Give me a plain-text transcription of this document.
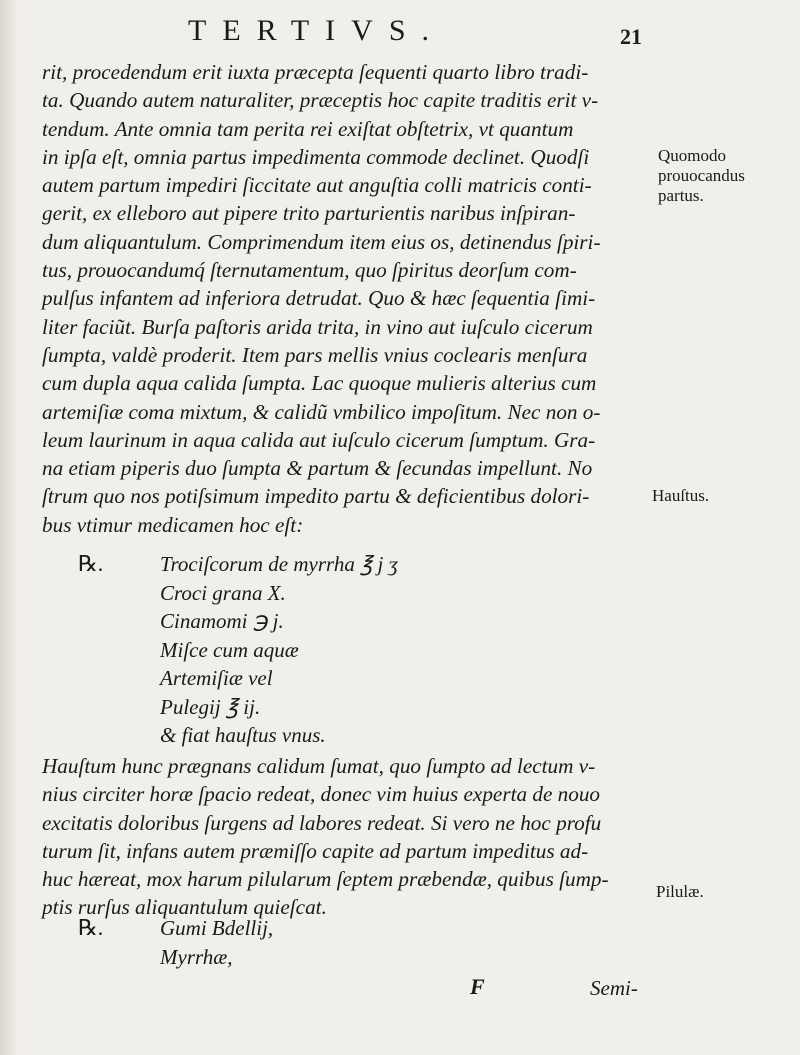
TERTIVS.	21
rit, procedendum erit iuxta præcepta ſequenti quarto libro tradi-
ta. Quando autem naturaliter, præceptis hoc capite traditis erit v-
tendum. Ante omnia tam perita rei exiſtat obſtetrix, vt quantum
in ipſa eſt, omnia partus impedimenta commode declinet. Quodſi
autem partum impediri ſiccitate aut anguſtia colli matricis conti-
gerit, ex elleboro aut pipere trito parturientis naribus inſpiran-
dum aliquantulum. Comprimendum item eius os, detinendus ſpiri-
tus, prouocandumq́ ſternutamentum, quo ſpiritus deorſum com-
pulſus infantem ad inferiora detrudat. Quo & hæc ſequentia ſimi-
liter faciũt. Burſa paſtoris arida trita, in vino aut iuſculo cicerum
ſumpta, valdè proderit. Item pars mellis vnius coclearis menſura
cum dupla aqua calida ſumpta. Lac quoque mulieris alterius cum
artemiſiæ coma mixtum, & calidũ vmbilico impoſitum. Nec non o-
leum laurinum in aqua calida aut iuſculo cicerum ſumptum. Gra-
na etiam piperis duo ſumpta & partum & ſecundas impellunt. No
ſtrum quo nos potiſsimum impedito partu & deficientibus dolori-
bus vtimur medicamen hoc eſt:
℞.	Trociſcorum de myrrha ℥ j ʒ
Croci grana X.
Cinamomi ℈ j.
Miſce cum aquæ
Artemiſiæ vel
Pulegij ℥ ij.
& fiat hauſtus vnus.
Hauſtum hunc prægnans calidum ſumat, quo ſumpto ad lectum v-
nius circiter horæ ſpacio redeat, donec vim huius experta de nouo
excitatis doloribus ſurgens ad labores redeat. Si vero ne hoc profu
turum ſit, infans autem præmiſſo capite ad partum impeditus ad-
huc hæreat, mox harum pilularum ſeptem præbendæ, quibus ſump-
ptis rurſus aliquantulum quieſcat.
℞.	Gumi Bdellij,
Myrrhæ,
Quomodo
prouocandus
partus.
Hauſtus.
Pilulæ.
F	Semi-
